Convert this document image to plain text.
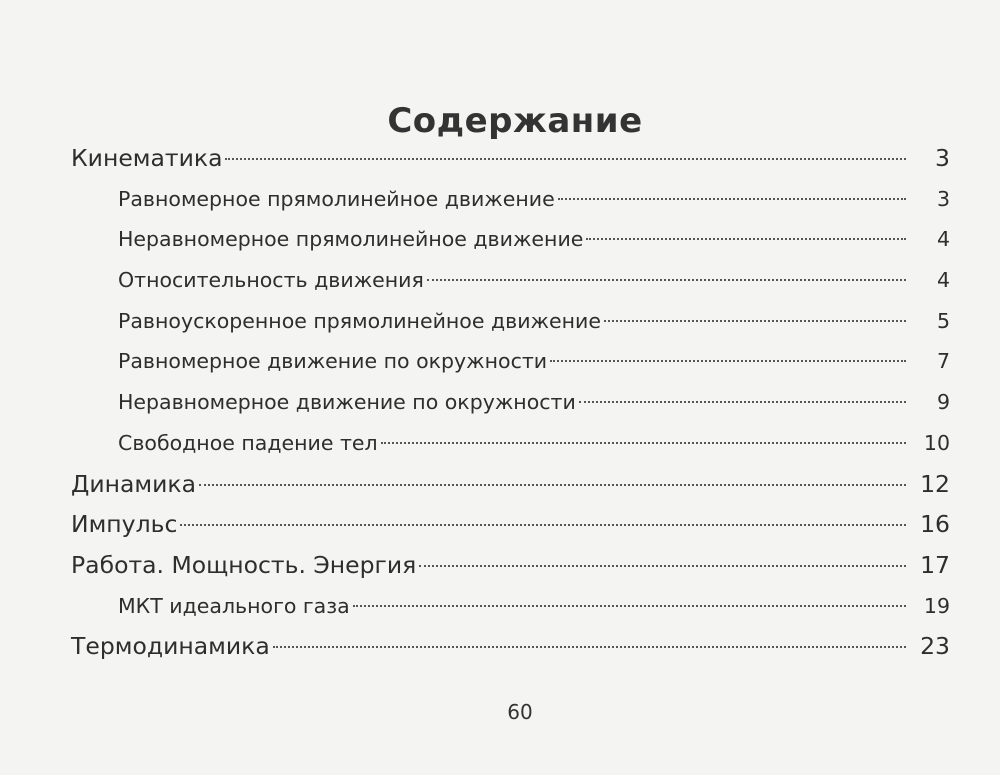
Содержание
Кинематика	3
Равномерное прямолинейное движение	3
Неравномерное прямолинейное движение	4
Относительность движения	4
Равноускоренное прямолинейное движение	5
Равномерное движение по окружности	7
Неравномерное движение по окружности	9
Свободное падение тел	10
Динамика	12
Импульс	16
Работа. Мощность. Энергия	17
МКТ идеального газа	19
Термодинамика	23
60
